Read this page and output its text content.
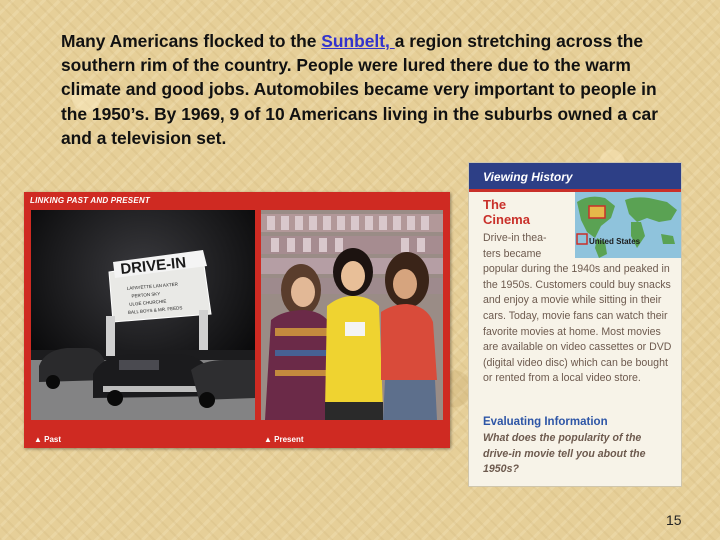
Many Americans flocked to the Sunbelt, a region stretching across the southern rim of the country. People were lured there due to the warm climate and good jobs. Automobiles became very important to people in the 1950’s. By 1969, 9 of 10 Americans living in the suburbs owned a car and a television set.
LINKING PAST AND PRESENT
DRIVE-IN
LAFAYETTE LAN AXTER
PERTON SKY
ULGE CHURCHIE
BALL BOYS & MR. FEEDS
▲ Past	▲ Present
Viewing History
United States
The
Cinema
Drive-in thea-
ters became
popular during the 1940s and peaked in the 1950s. Customers could buy snacks and enjoy a movie while sitting in their cars. Today, movie fans can watch their favorite movies at home. Most movies are available on video cassettes or DVD (digital video disc) which can be bought or rented from a local video store.
Evaluating Information
What does the popularity of the drive-in movie tell you about the 1950s?
15
